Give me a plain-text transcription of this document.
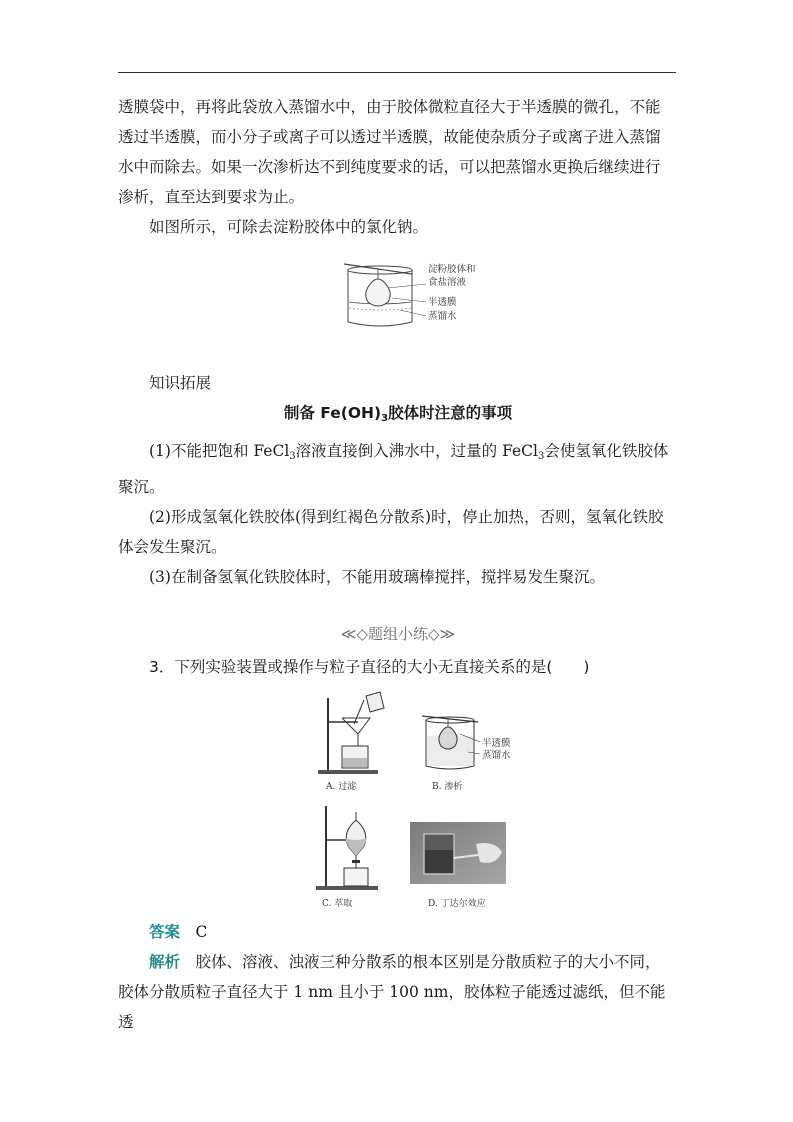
透膜袋中，再将此袋放入蒸馏水中，由于胶体微粒直径大于半透膜的微孔，不能

透过半透膜，而小分子或离子可以透过半透膜，故能使杂质分子或离子进入蒸馏

水中而除去。如果一次渗析达不到纯度要求的话，可以把蒸馏水更换后继续进行

渗析，直至达到要求为止。

如图所示，可除去淀粉胶体中的氯化钠。

淀粉胶体和
食盐溶液
半透膜
蒸馏水

知识拓展

制备 $Fe(OH)_3$胶体时注意的事项

(1)不能把饱和 FeCl$_3$溶液直接倒入沸水中，过量的 FeCl$_3$会使氢氧化铁胶体

聚沉。

(2)形成氢氧化铁胶体(得到红褐色分散系)时，停止加热，否则，氢氧化铁胶

体会发生聚沉。

(3)在制备氢氧化铁胶体时，不能用玻璃棒搅拌，搅拌易发生聚沉。

≪◇题组小练◇≫

3．下列实验装置或操作与粒子直径的大小无直接关系的是(　　)

A. 过滤
半透膜
蒸馏水
B. 渗析
C. 萃取	D. 丁达尔效应

答案　 C

解析　 胶体、溶液、浊液三种分散系的根本区别是分散质粒子的大小不同，

胶体分散质粒子直径大于 1 nm 且小于 100 nm，胶体粒子能透过滤纸，但不能透
